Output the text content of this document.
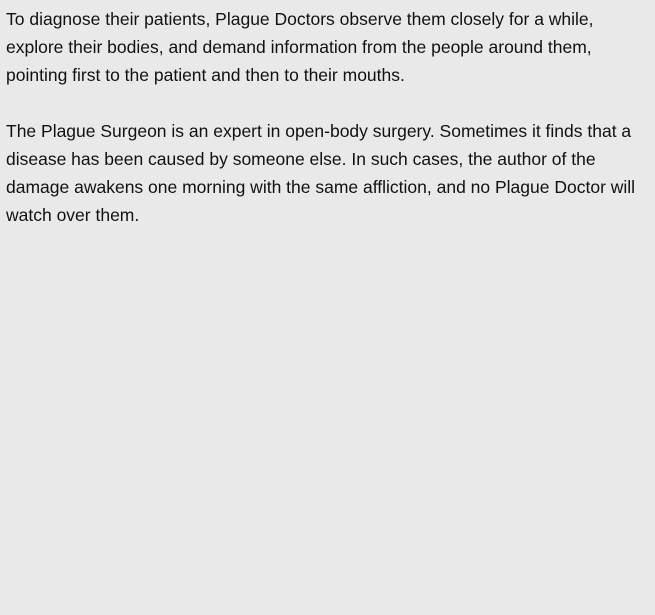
To diagnose their patients, Plague Doctors observe them closely for a while, explore their bodies, and demand information from the people around them, pointing first to the patient and then to their mouths.

The Plague Surgeon is an expert in open-body surgery. Sometimes it finds that a disease has been caused by someone else. In such cases, the author of the damage awakens one morning with the same affliction, and no Plague Doctor will watch over them.
